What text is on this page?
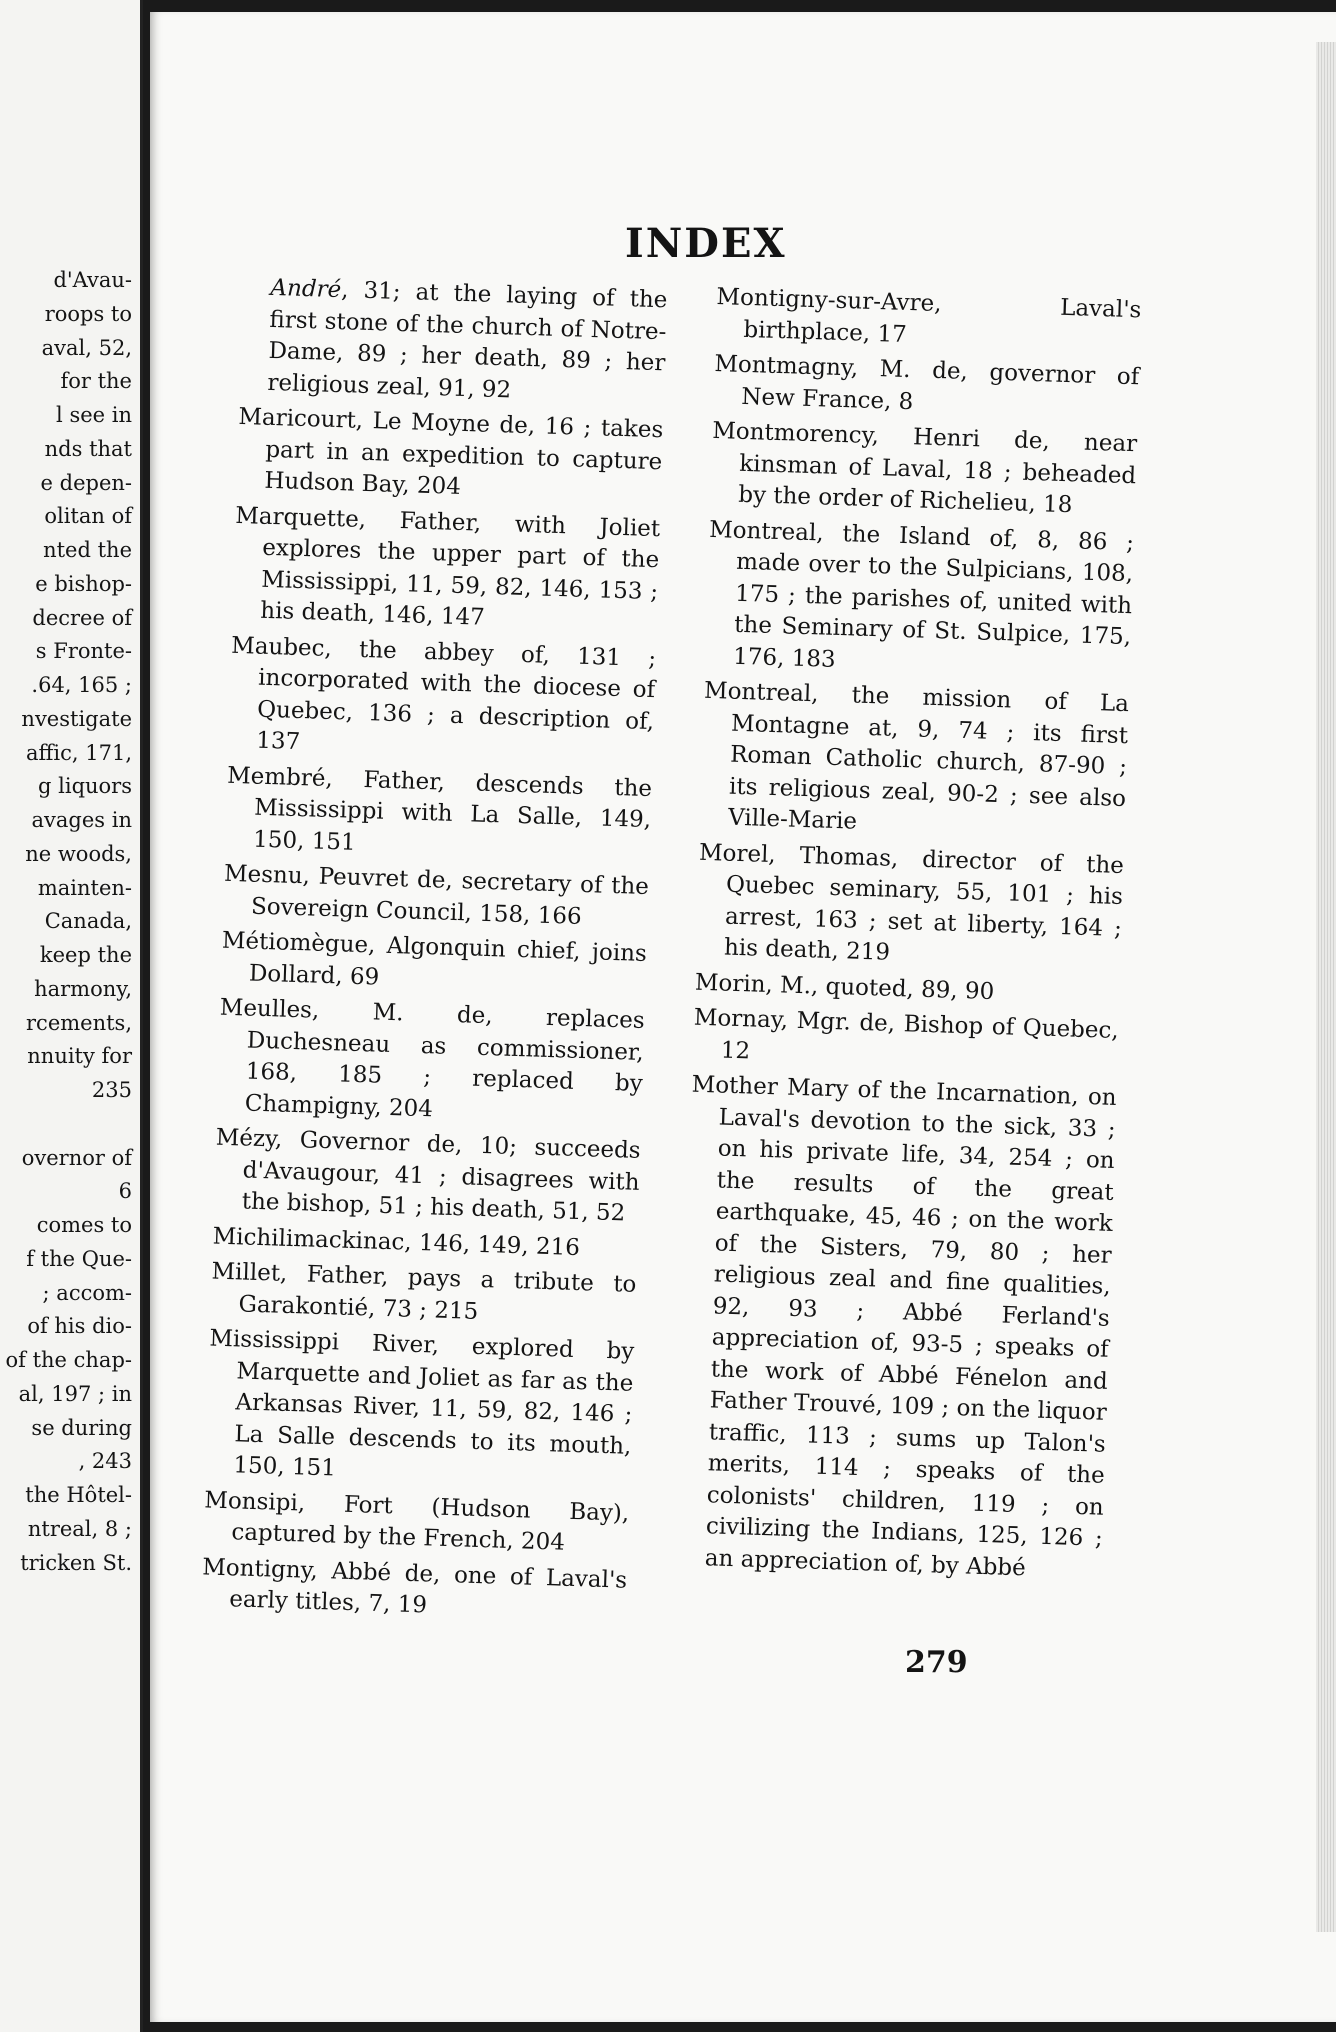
d'Avau-
roops to
aval, 52,
for the
l see in
nds that
e depen-
olitan of
nted the
e bishop-
decree of
s Fronte-
.64, 165 ;
nvestigate
affic, 171,
g liquors
avages in
ne woods,
mainten-
Canada,
keep the
harmony,
rcements,
nnuity for
235
overnor of
6
comes to
f the Que-
; accom-
of his dio-
of the chap-
al, 197 ; in
se during
, 243
the Hôtel-
ntreal, 8 ;
tricken St.
INDEX

André, 31; at the laying of the first stone of the church of Notre-Dame, 89 ; her death, 89 ; her religious zeal, 91, 92

Maricourt, Le Moyne de, 16 ; takes part in an expedition to capture Hudson Bay, 204

Marquette, Father, with Joliet explores the upper part of the Mississippi, 11, 59, 82, 146, 153 ; his death, 146, 147

Maubec, the abbey of, 131 ; incorporated with the diocese of Quebec, 136 ; a description of, 137

Membré, Father, descends the Mississippi with La Salle, 149, 150, 151

Mesnu, Peuvret de, secretary of the Sovereign Council, 158, 166

Métiomègue, Algonquin chief, joins Dollard, 69

Meulles, M. de, replaces Duchesneau as commissioner, 168, 185 ; replaced by Champigny, 204

Mézy, Governor de, 10; succeeds d'Avaugour, 41 ; disagrees with the bishop, 51 ; his death, 51, 52

Michilimackinac, 146, 149, 216

Millet, Father, pays a tribute to Garakontié, 73 ; 215

Mississippi River, explored by Marquette and Joliet as far as the Arkansas River, 11, 59, 82, 146 ; La Salle descends to its mouth, 150, 151

Monsipi, Fort (Hudson Bay), captured by the French, 204

Montigny, Abbé de, one of Laval's early titles, 7, 19

Montigny-sur-Avre, Laval's birthplace, 17

Montmagny, M. de, governor of New France, 8

Montmorency, Henri de, near kinsman of Laval, 18 ; beheaded by the order of Richelieu, 18

Montreal, the Island of, 8, 86 ; made over to the Sulpicians, 108, 175 ; the parishes of, united with the Seminary of St. Sulpice, 175, 176, 183

Montreal, the mission of La Montagne at, 9, 74 ; its first Roman Catholic church, 87-90 ; its religious zeal, 90-2 ; see also Ville-Marie

Morel, Thomas, director of the Quebec seminary, 55, 101 ; his arrest, 163 ; set at liberty, 164 ; his death, 219

Morin, M., quoted, 89, 90

Mornay, Mgr. de, Bishop of Quebec, 12

Mother Mary of the Incarnation, on Laval's devotion to the sick, 33 ; on his private life, 34, 254 ; on the results of the great earthquake, 45, 46 ; on the work of the Sisters, 79, 80 ; her religious zeal and fine qualities, 92, 93 ; Abbé Ferland's appreciation of, 93-5 ; speaks of the work of Abbé Fénelon and Father Trouvé, 109 ; on the liquor traffic, 113 ; sums up Talon's merits, 114 ; speaks of the colonists' children, 119 ; on civilizing the Indians, 125, 126 ; an appreciation of, by Abbé

279
